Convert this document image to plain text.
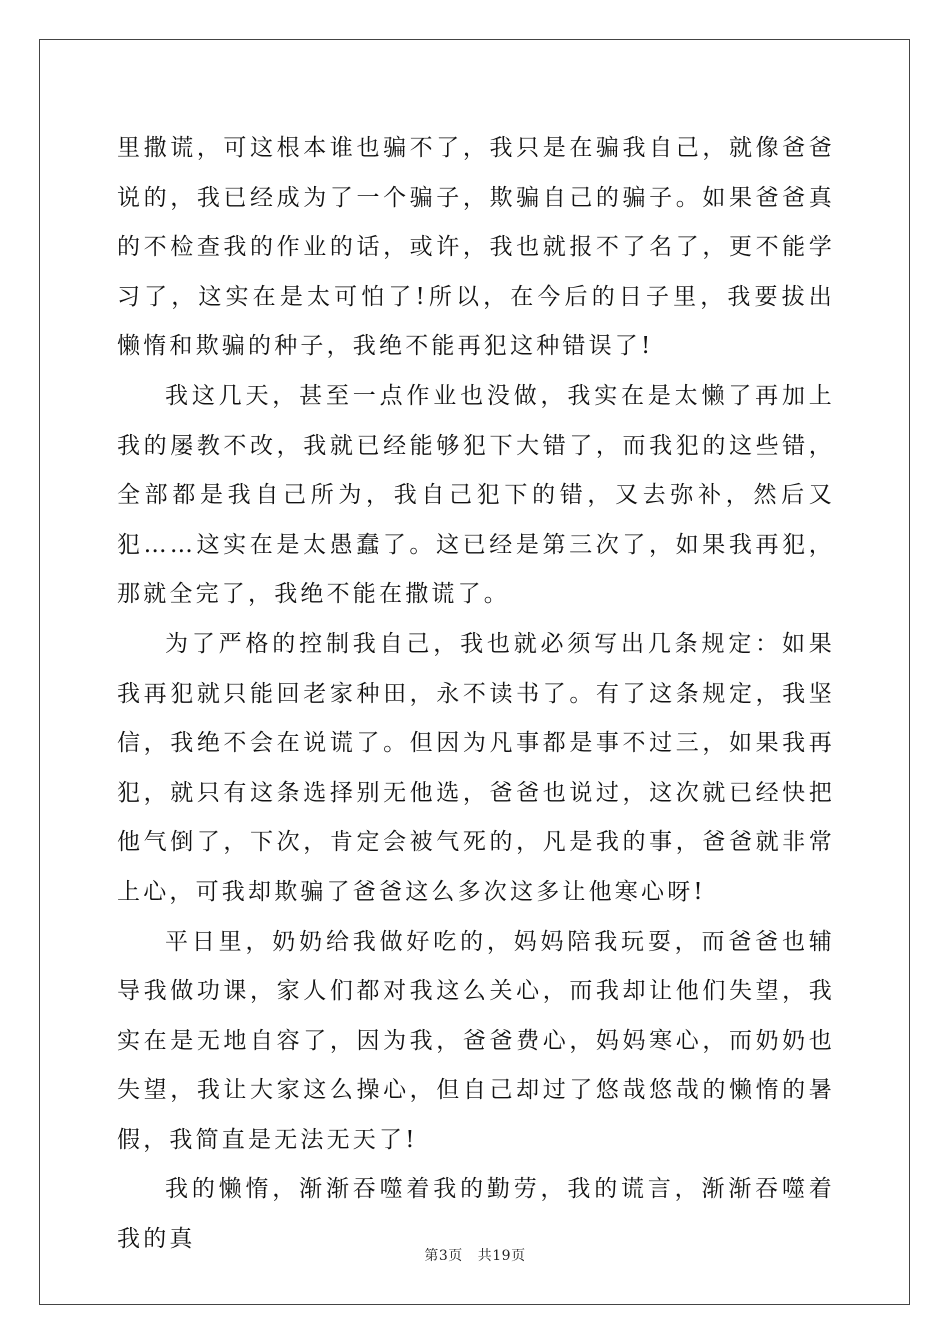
里撒谎，可这根本谁也骗不了，我只是在骗我自己，就像爸爸说的，我已经成为了一个骗子，欺骗自己的骗子。如果爸爸真的不检查我的作业的话，或许，我也就报不了名了，更不能学习了，这实在是太可怕了!所以，在今后的日子里，我要拔出懒惰和欺骗的种子，我绝不能再犯这种错误了!

我这几天，甚至一点作业也没做，我实在是太懒了再加上我的屡教不改，我就已经能够犯下大错了，而我犯的这些错，全部都是我自己所为，我自己犯下的错，又去弥补，然后又犯……这实在是太愚蠢了。这已经是第三次了，如果我再犯，那就全完了，我绝不能在撒谎了。

为了严格的控制我自己，我也就必须写出几条规定：如果我再犯就只能回老家种田，永不读书了。有了这条规定，我坚信，我绝不会在说谎了。但因为凡事都是事不过三，如果我再犯，就只有这条选择别无他选，爸爸也说过，这次就已经快把他气倒了，下次，肯定会被气死的，凡是我的事，爸爸就非常上心，可我却欺骗了爸爸这么多次这多让他寒心呀!

平日里，奶奶给我做好吃的，妈妈陪我玩耍，而爸爸也辅导我做功课，家人们都对我这么关心，而我却让他们失望，我实在是无地自容了，因为我，爸爸费心，妈妈寒心，而奶奶也失望，我让大家这么操心，但自己却过了悠哉悠哉的懒惰的暑假，我简直是无法无天了!

我的懒惰，渐渐吞噬着我的勤劳，我的谎言，渐渐吞噬着我的真

第3页 共19页
